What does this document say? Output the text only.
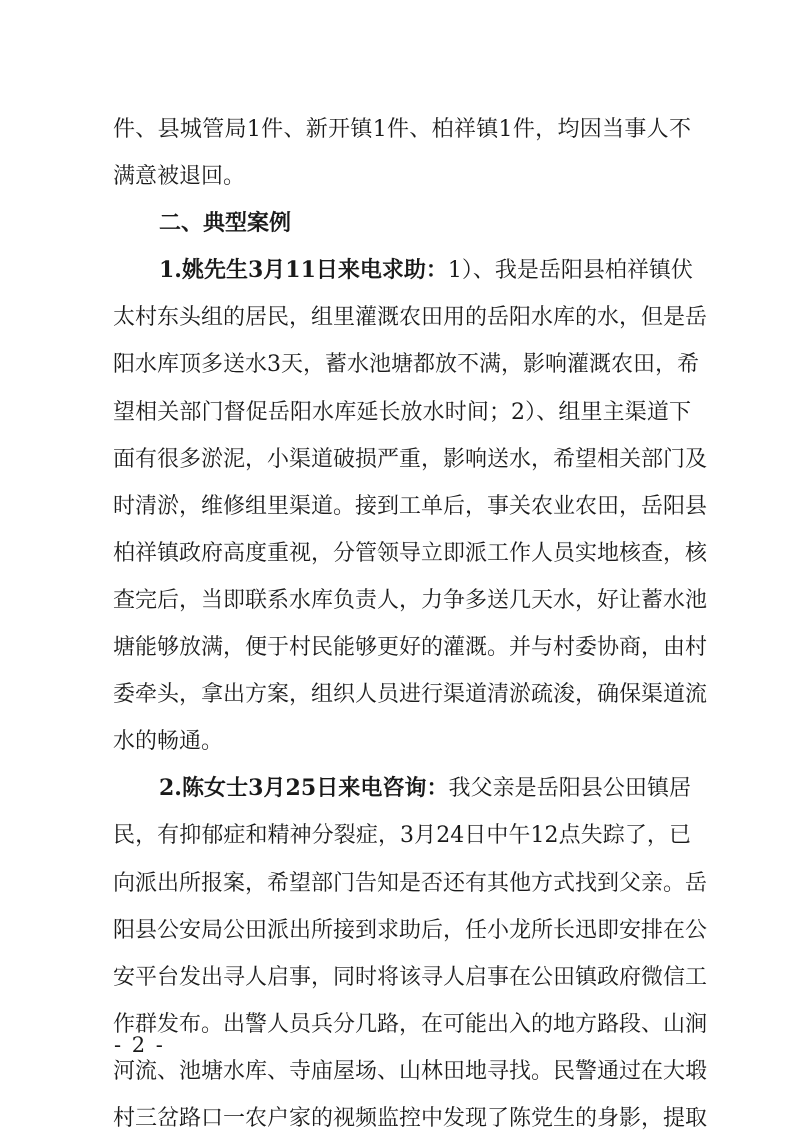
件、县城管局1件、新开镇1件、柏祥镇1件，均因当事人不
满意被退回。
二、典型案例
1.姚先生3月11日来电求助：1）、我是岳阳县柏祥镇伏
太村东头组的居民，组里灌溉农田用的岳阳水库的水，但是岳
阳水库顶多送水3天，蓄水池塘都放不满，影响灌溉农田，希
望相关部门督促岳阳水库延长放水时间；2）、组里主渠道下
面有很多淤泥，小渠道破损严重，影响送水，希望相关部门及
时清淤，维修组里渠道。接到工单后，事关农业农田，岳阳县
柏祥镇政府高度重视，分管领导立即派工作人员实地核查，核
查完后，当即联系水库负责人，力争多送几天水，好让蓄水池
塘能够放满，便于村民能够更好的灌溉。并与村委协商，由村
委牵头，拿出方案，组织人员进行渠道清淤疏浚，确保渠道流
水的畅通。
2.陈女士3月25日来电咨询：我父亲是岳阳县公田镇居
民，有抑郁症和精神分裂症，3月24日中午12点失踪了，已
向派出所报案，希望部门告知是否还有其他方式找到父亲。岳
阳县公安局公田派出所接到求助后，任小龙所长迅即安排在公
安平台发出寻人启事，同时将该寻人启事在公田镇政府微信工
作群发布。出警人员兵分几路，在可能出入的地方路段、山涧
河流、池塘水库、寺庙屋场、山林田地寻找。民警通过在大塅
村三岔路口一农户家的视频监控中发现了陈党生的身影，提取
- 2 -
